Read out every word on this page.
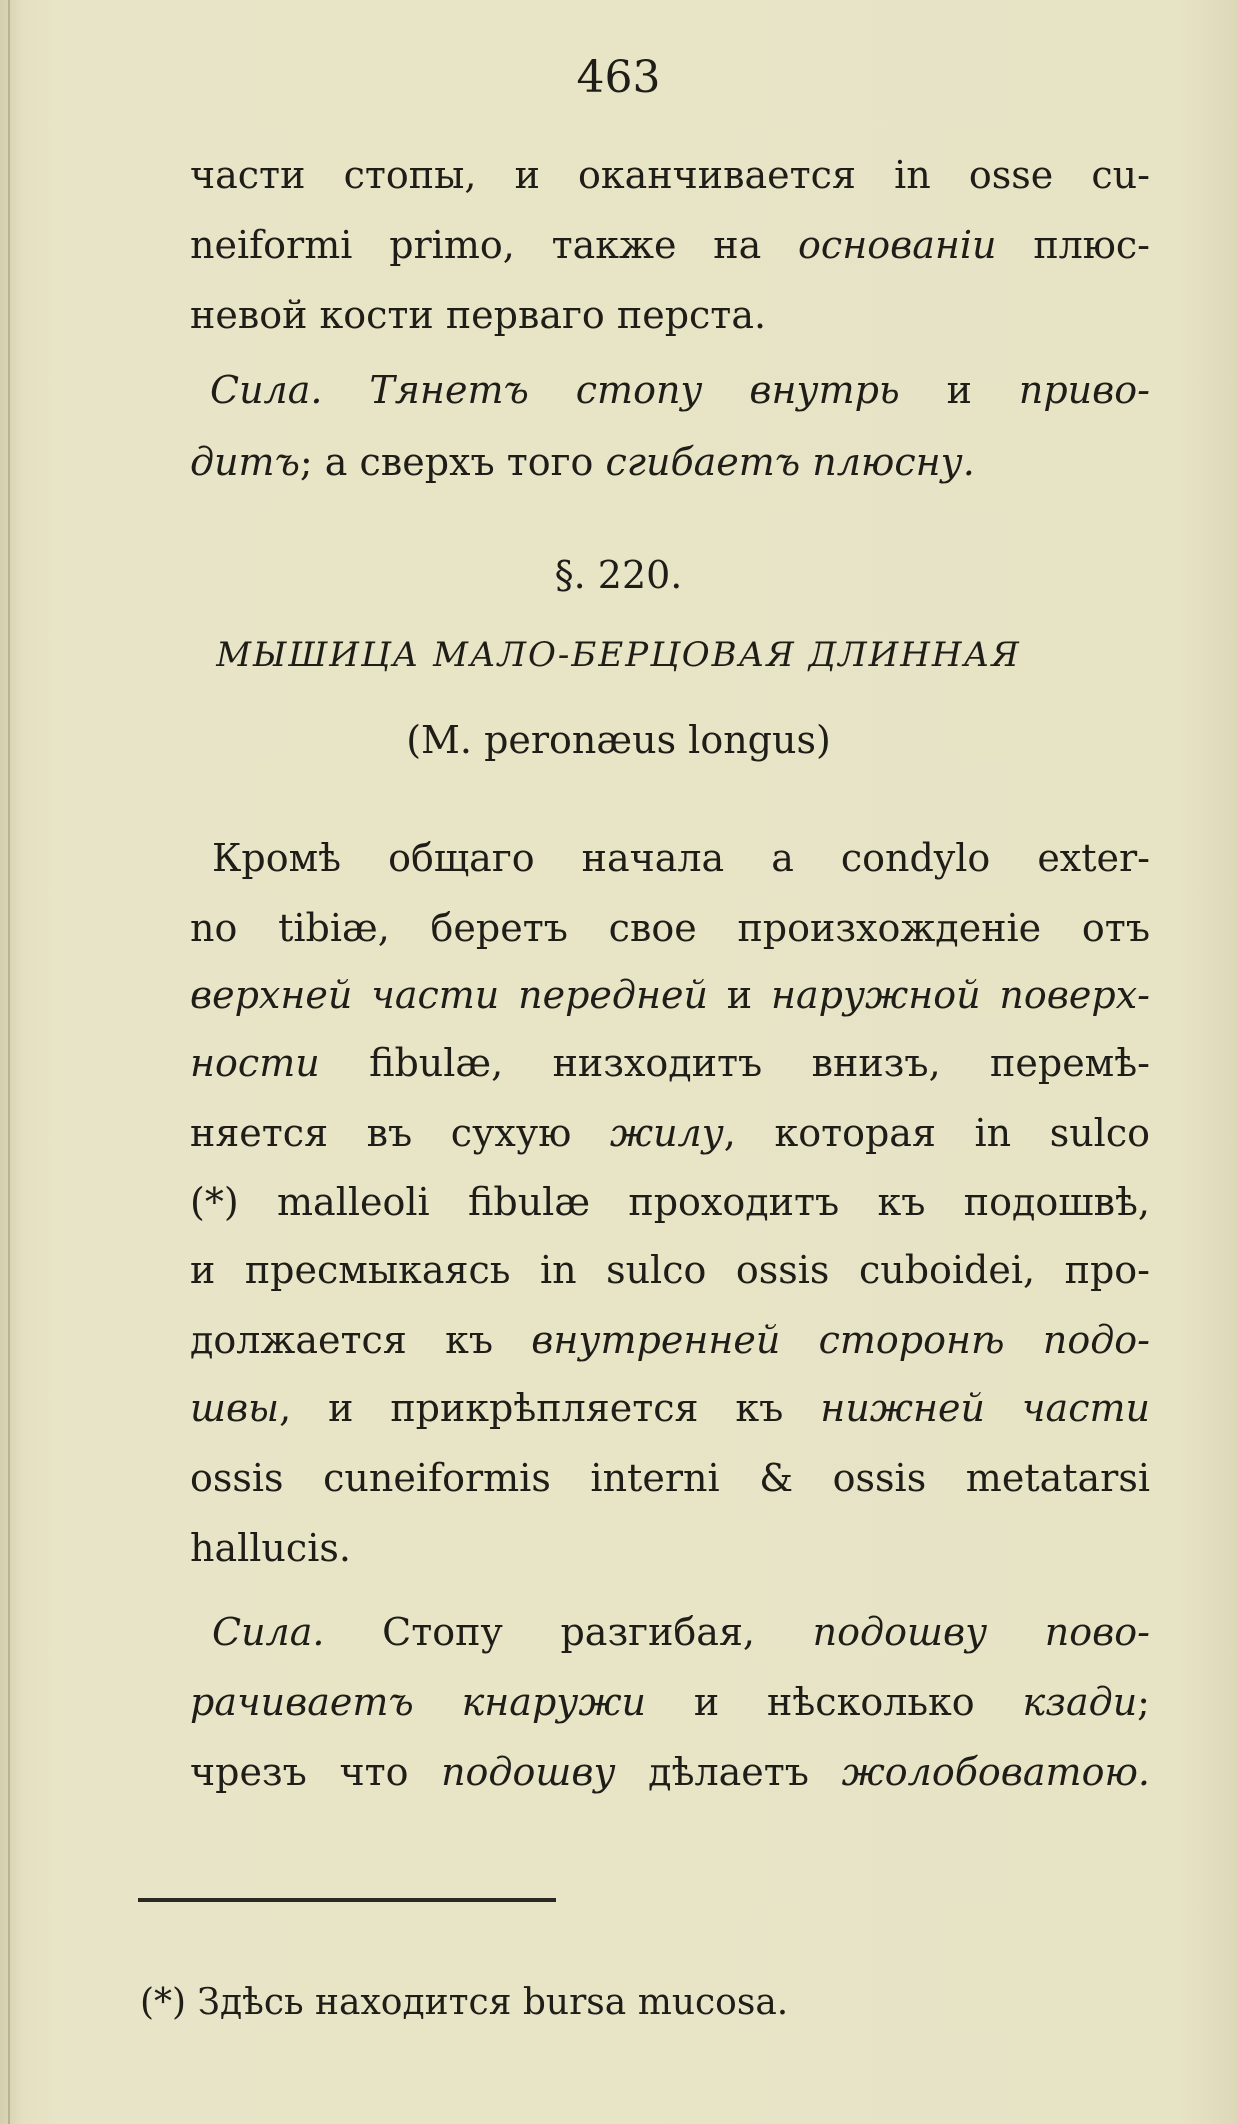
463
части стопы, и оканчивается in osse cu-
neiformi primo, также на основанiи плюс-
невой кости перваго перста.
Сила. Тянетъ стопу внутрь и приво-
дитъ; а сверхъ того сгибаетъ плюсну.
§. 220.
МЫШИЦА МАЛО-БЕРЦОВАЯ ДЛИННАЯ
(M. peronæus longus)
Кромѣ общаго начала a condylo exter-
no tibiæ, беретъ свое произхожденiе отъ
верхней части передней и наружной поверх-
ности fibulæ, низходитъ внизъ, перемѣ-
няется въ сухую жилу, которая in sulco
(*) malleoli fibulæ проходитъ къ подошвѣ,
и пресмыкаясь in sulco ossis cuboidei, про-
должается къ внутренней сторонѣ подо-
швы, и прикрѣпляется къ нижней части
ossis cuneiformis interni & ossis metatarsi
hallucis.
Сила. Стопу разгибая, подошву пово-
рачиваетъ кнаружи и нѣсколько кзади;
чрезъ что подошву дѣлаетъ жолобоватою.
(*) Здѣсь находится bursa mucosa.
